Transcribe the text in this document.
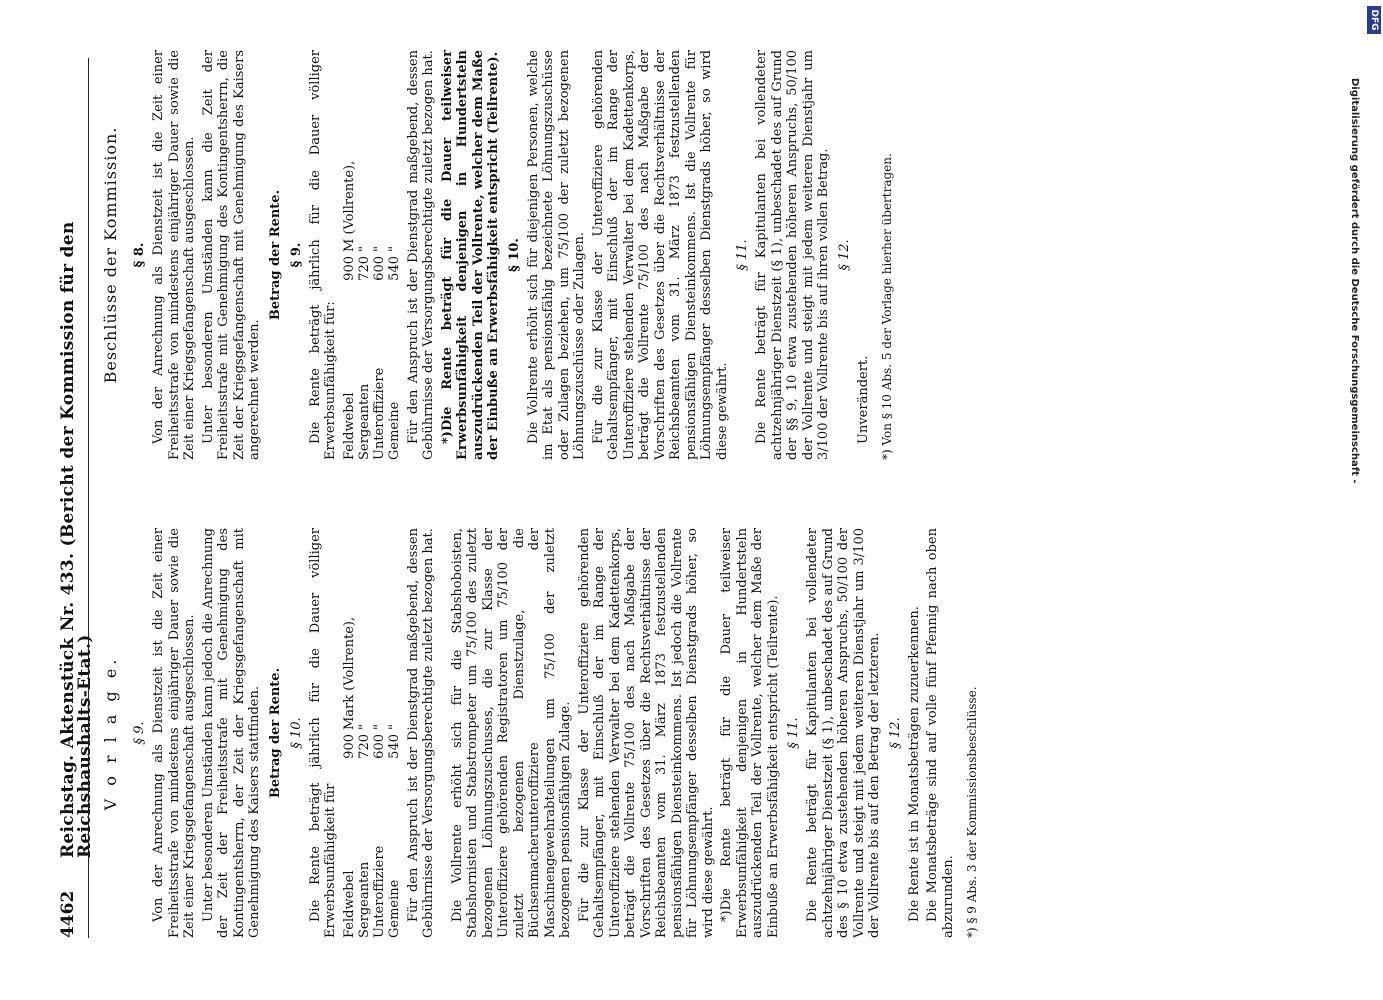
4462
Reichstag. Aktenstück Nr. 433. (Bericht der Kommission für den Reichshaushalts-Etat.) V o r l a g e. § 9. Von der Anrechnung als Dienstzeit ist die Zeit einer Freiheitsstrafe von mindestens einjähriger Dauer sowie die Zeit einer Kriegsgefangenschaft ausgeschlossen. Unter besonderen Umständen kann jedoch die Anrechnung der Zeit der Freiheitsstrafe mit Genehmigung des Kontingentsherrn, der Zeit der Kriegsgefangenschaft mit Genehmigung des Kaisers stattfinden. Betrag der Rente. § 10. Die Rente beträgt jährlich für die Dauer völliger Erwerbsunfähigkeit für Feldwebel	900	Mark (Vollrente),
Sergeanten	720	"
Unteroffiziere	600	"
Gemeine	540	" Für den Anspruch ist der Dienstgrad maßgebend, dessen Gebührnisse der Versorgungsberechtigte zuletzt bezogen hat. Die Vollrente erhöht sich für die Stabshoboisten, Stabshornisten und Stabstrompeter um 75/100 des zuletzt bezogenen Löhnungszuschusses, die zur Klasse der Unteroffiziere gehörenden Registratoren um 75/100 der zuletzt bezogenen Dienstzulage, die Büchsenmacherunteroffiziere der Maschinengewehrabteilungen um 75/100 der zuletzt bezogenen pensionsfähigen Zulage. Für die zur Klasse der Unteroffiziere gehörenden Gehaltsempfänger, mit Einschluß der im Range der Unteroffiziere stehenden Verwalter bei dem Kadettenkorps, beträgt die Vollrente 75/100 des nach Maßgabe der Vorschriften des Gesetzes über die Rechtsverhältnisse der Reichsbeamten vom 31. März 1873 festzustellenden pensionsfähigen Diensteinkommens. Ist jedoch die Vollrente für Löhnungsempfänger desselben Dienstgrads höher, so wird diese gewährt. *)Die Rente beträgt für die Dauer teilweiser Erwerbsunfähigkeit denjenigen in Hundertsteln auszudrückenden Teil der Vollrente, welcher dem Maße der Einbuße an Erwerbsfähigkeit entspricht (Teilrente). § 11. Die Rente beträgt für Kapitulanten bei vollendeter achtzehnjähriger Dienstzeit (§ 1), unbeschadet des auf Grund des § 10 etwa zustehenden höheren Anspruchs, 50/100 der Vollrente und steigt mit jedem weiteren Dienstjahr um 3/100 der Vollrente bis auf den Betrag der letzteren. § 12. Die Rente ist in Monatsbeträgen zuzuerkennen. Die Monatsbeträge sind auf volle fünf Pfennig nach oben abzurunden. *) § 9 Abs. 3 der Kommissionsbeschlüsse.
Beschlüsse der Kommission. § 8. Von der Anrechnung als Dienstzeit ist die Zeit einer Freiheitsstrafe von mindestens einjähriger Dauer sowie die Zeit einer Kriegsgefangenschaft ausgeschlossen. Unter besonderen Umständen kann die Zeit der Freiheitsstrafe mit Genehmigung des Kontingentsherrn, die Zeit der Kriegsgefangenschaft mit Genehmigung des Kaisers angerechnet werden.

Betrag der Rente. § 9. Die Rente beträgt jährlich für die Dauer völliger Erwerbsunfähigkeit für: Feldwebel	900	M (Vollrente),
Sergeanten	720	"
Unteroffiziere	600	"
Gemeine	540	" Für den Anspruch ist der Dienstgrad maßgebend, dessen Gebührnisse der Versorgungsberechtigte zuletzt bezogen hat. *)Die Rente beträgt für die Dauer teilweiser Erwerbsunfähigkeit denjenigen in Hundertsteln auszudrückenden Teil der Vollrente, welcher dem Maße der Einbuße an Erwerbsfähigkeit entspricht (Teilrente). § 10. Die Vollrente erhöht sich für diejenigen Personen, welche im Etat als pensionsfähig bezeichnete Löhnungszuschüsse oder Zulagen beziehen, um 75/100 der zuletzt bezogenen Löhnungszuschüsse oder Zulagen. Für die zur Klasse der Unteroffiziere gehörenden Gehaltsempfänger, mit Einschluß der im Range der Unteroffiziere stehenden Verwalter bei dem Kadettenkorps, beträgt die Vollrente 75/100 des nach Maßgabe der Vorschriften des Gesetzes über die Rechtsverhältnisse der Reichsbeamten vom 31. März 1873 festzustellenden pensionsfähigen Diensteinkommens. Ist die Vollrente für Löhnungsempfänger desselben Dienstgrads höher, so wird diese gewährt.

§ 11. Die Rente beträgt für Kapitulanten bei vollendeter achtzehnjähriger Dienstzeit (§ 1), unbeschadet des auf Grund der §§ 9, 10 etwa zustehenden höheren Anspruchs, 50/100 der Vollrente und steigt mit jedem weiteren Dienstjahr um 3/100 der Vollrente bis auf ihren vollen Betrag. § 12.

Unverändert. *) Von § 10 Abs. 5 der Vorlage hierher übertragen.	Digitalisierung gefördert durch die Deutsche Forschungsgemeinschaft -
DFG
